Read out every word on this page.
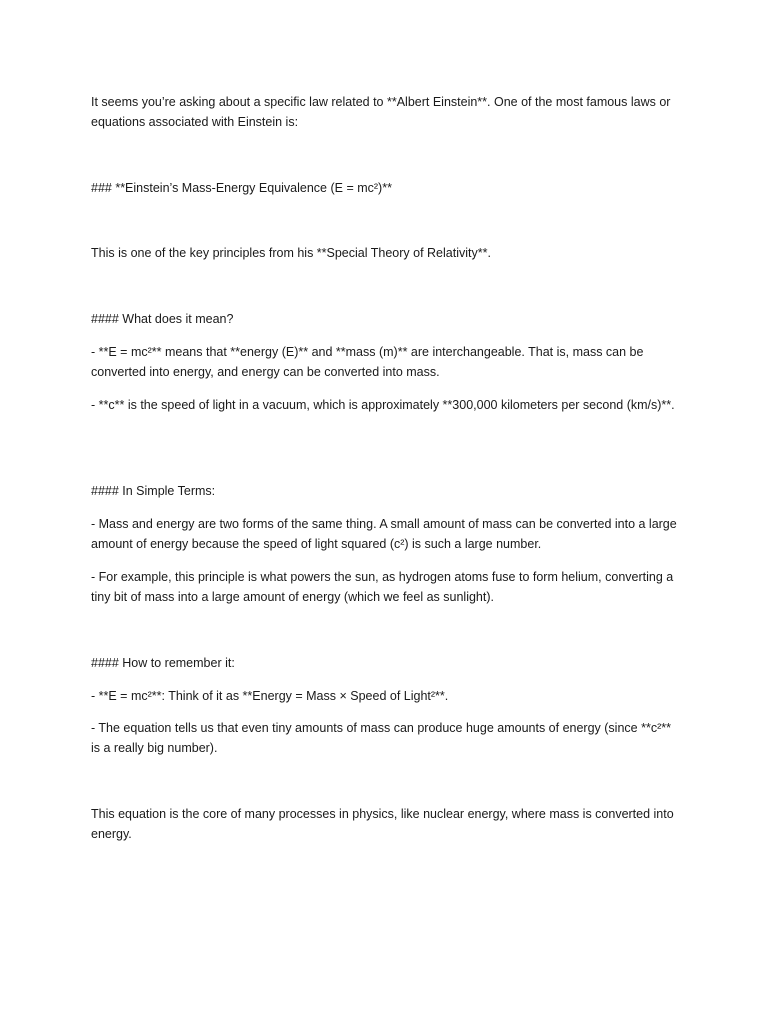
It seems you’re asking about a specific law related to **Albert Einstein**. One of the most famous laws or equations associated with Einstein is:

### **Einstein’s Mass-Energy Equivalence (E = mc²)**

This is one of the key principles from his **Special Theory of Relativity**.

#### What does it mean?

- **E = mc²** means that **energy (E)** and **mass (m)** are interchangeable. That is, mass can be converted into energy, and energy can be converted into mass.

- **c** is the speed of light in a vacuum, which is approximately **300,000 kilometers per second (km/s)**.

#### In Simple Terms:

- Mass and energy are two forms of the same thing. A small amount of mass can be converted into a large amount of energy because the speed of light squared (c²) is such a large number.

- For example, this principle is what powers the sun, as hydrogen atoms fuse to form helium, converting a tiny bit of mass into a large amount of energy (which we feel as sunlight).

#### How to remember it:

- **E = mc²**: Think of it as **Energy = Mass × Speed of Light²**.

- The equation tells us that even tiny amounts of mass can produce huge amounts of energy (since **c²** is a really big number).

This equation is the core of many processes in physics, like nuclear energy, where mass is converted into energy.
